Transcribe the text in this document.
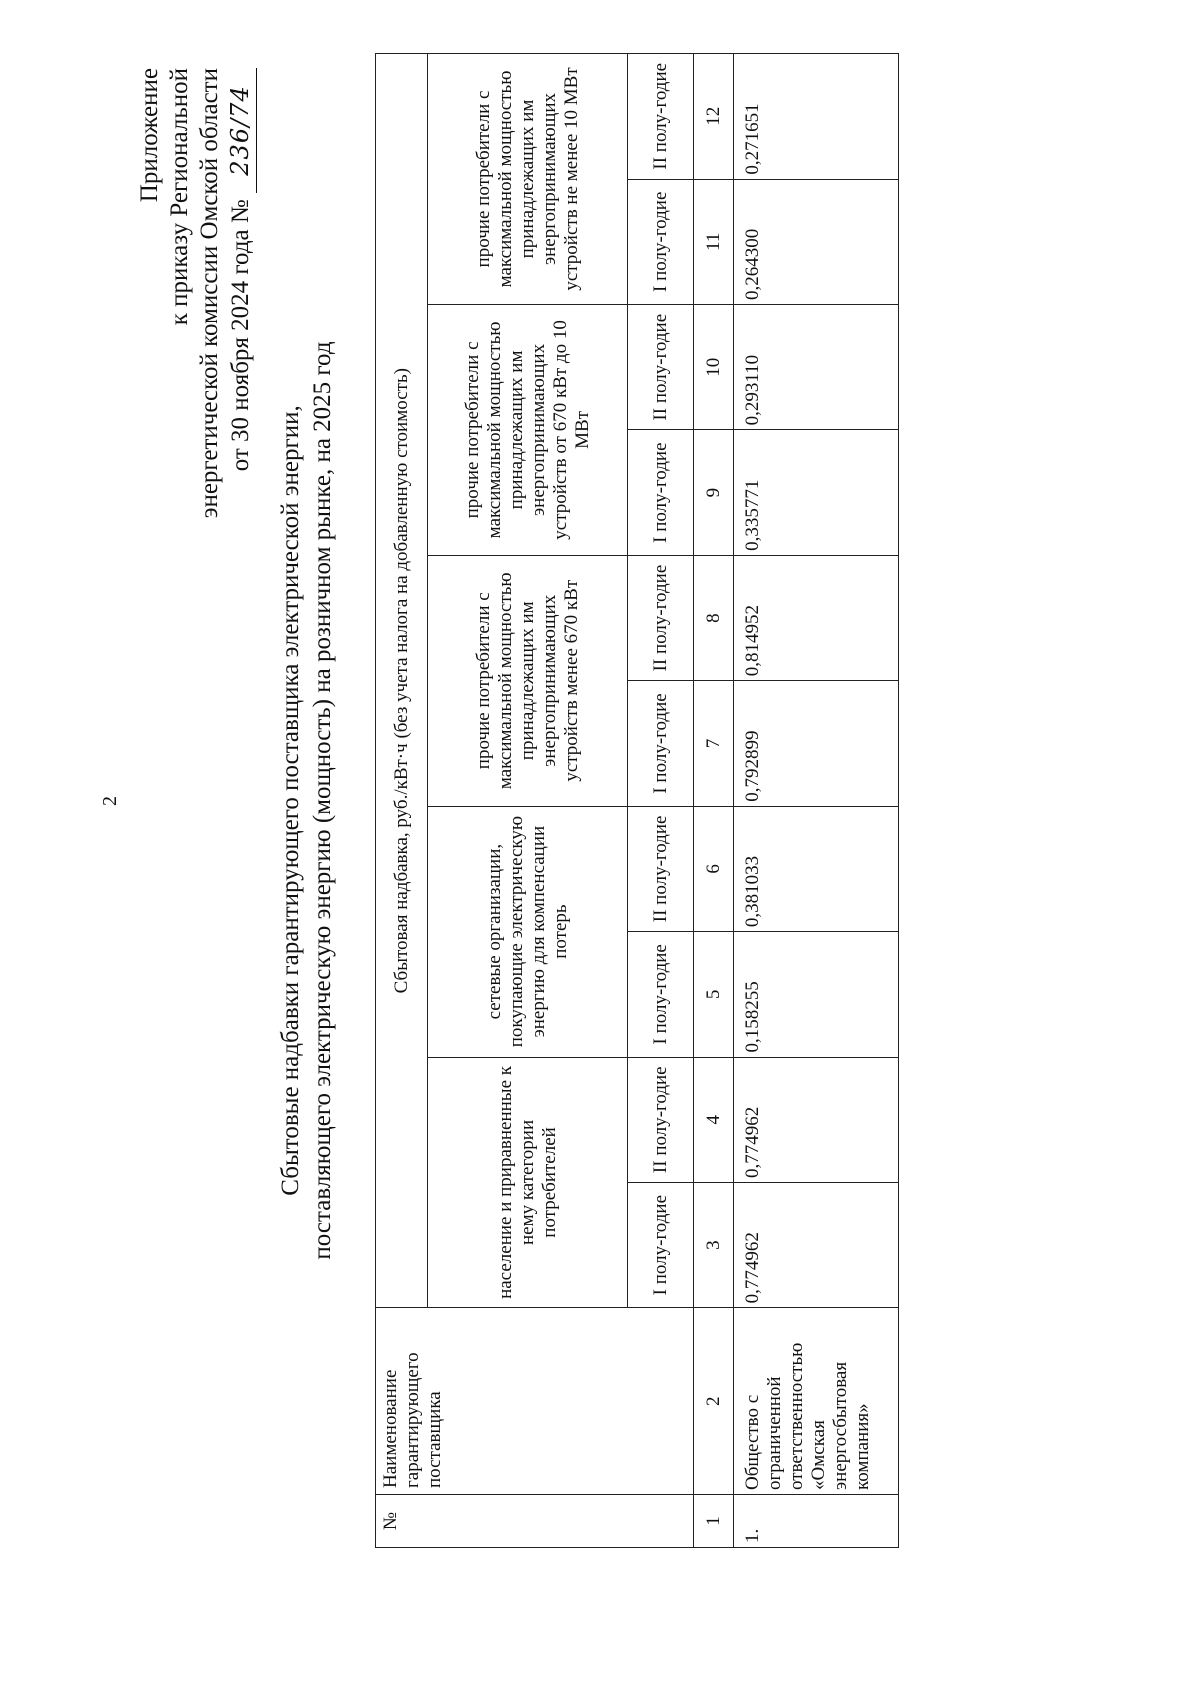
2
Приложение к приказу Региональной энергетической комиссии Омской области от 30 ноября 2024 года № 236/74
Сбытовые надбавки гарантирующего поставщика электрической энергии, поставляющего электрическую энергию (мощность) на розничном рынке, на 2025 год
№	Наименование гарантирующего поставщика	Сбытовая надбавка, руб./кВт·ч (без учета налога на добавленную стоимость)									
		население и приравненные к нему категории потребителей		сетевые организации, покупающие электрическую энергию для компенсации потерь		прочие потребители с максимальной мощностью принадлежащих им энергопринимающих устройств менее 670 кВт		прочие потребители с максимальной мощностью принадлежащих им энергопринимающих устройств от 670 кВт до 10 МВт		прочие потребители с максимальной мощностью принадлежащих им энергопринимающих устройств не менее 10 МВт	
		I полу-годие	II полу-годие	I полу-годие	II полу-годие	I полу-годие	II полу-годие	I полу-годие	II полу-годие	I полу-годие	II полу-годие
1	2	3	4	5	6	7	8	9	10	11	12
1.	Общество с ограниченной ответственностью «Омская энергосбытовая компания»	0,774962	0,774962	0,158255	0,381033	0,792899	0,814952	0,335771	0,293110	0,264300	0,271651
